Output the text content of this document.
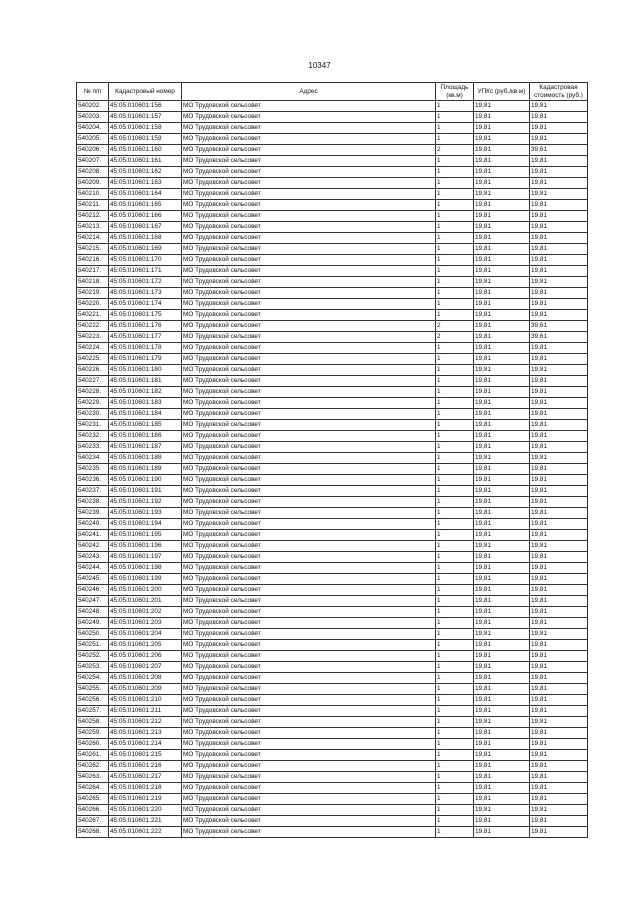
10347
№ п/п	Кадастровый номер	Адрес	Площадь (кв.м)	УПКс (руб./кв.м)	Кадастровая стоимость (руб.)
540202.	45:05:010601:156	МО Трудовской сельсовет	1	19,81	19,81
540203.	45:05:010601:157	МО Трудовской сельсовет	1	19,81	19,81
540204.	45:05:010601:158	МО Трудовской сельсовет	1	19,81	19,81
540205.	45:05:010601:159	МО Трудовской сельсовет	1	19,81	19,81
540206.	45:05:010601:160	МО Трудовской сельсовет	2	19,81	39,61
540207.	45:05:010601:161	МО Трудовской сельсовет	1	19,81	19,81
540208.	45:05:010601:162	МО Трудовской сельсовет	1	19,81	19,81
540209.	45:05:010601:163	МО Трудовской сельсовет	1	19,81	19,81
540210.	45:05:010601:164	МО Трудовской сельсовет	1	19,81	19,81
540211.	45:05:010601:165	МО Трудовской сельсовет	1	19,81	19,81
540212.	45:05:010601:166	МО Трудовской сельсовет	1	19,81	19,81
540213.	45:05:010601:167	МО Трудовской сельсовет	1	19,81	19,81
540214.	45:05:010601:168	МО Трудовской сельсовет	1	19,81	19,81
540215.	45:05:010601:169	МО Трудовской сельсовет	1	19,81	19,81
540216.	45:05:010601:170	МО Трудовской сельсовет	1	19,81	19,81
540217.	45:05:010601:171	МО Трудовской сельсовет	1	19,81	19,81
540218.	45:05:010601:172	МО Трудовской сельсовет	1	19,81	19,81
540219.	45:05:010601:173	МО Трудовской сельсовет	1	19,81	19,81
540220.	45:05:010601:174	МО Трудовской сельсовет	1	19,81	19,81
540221.	45:05:010601:175	МО Трудовской сельсовет	1	19,81	19,81
540222.	45:05:010601:176	МО Трудовской сельсовет	2	19,81	39,61
540223.	45:05:010601:177	МО Трудовской сельсовет	2	19,81	39,61
540224.	45:05:010601:178	МО Трудовской сельсовет	1	19,81	19,81
540225.	45:05:010601:179	МО Трудовской сельсовет	1	19,81	19,81
540226.	45:05:010601:180	МО Трудовской сельсовет	1	19,81	19,81
540227.	45:05:010601:181	МО Трудовской сельсовет	1	19,81	19,81
540228.	45:05:010601:182	МО Трудовской сельсовет	1	19,81	19,81
540229.	45:05:010601:183	МО Трудовской сельсовет	1	19,81	19,81
540230.	45:05:010601:184	МО Трудовской сельсовет	1	19,81	19,81
540231.	45:05:010601:185	МО Трудовской сельсовет	1	19,81	19,81
540232.	45:05:010601:186	МО Трудовской сельсовет	1	19,81	19,81
540233.	45:05:010601:187	МО Трудовской сельсовет	1	19,81	19,81
540234.	45:05:010601:188	МО Трудовской сельсовет	1	19,81	19,81
540235.	45:05:010601:189	МО Трудовской сельсовет	1	19,81	19,81
540236.	45:05:010601:190	МО Трудовской сельсовет	1	19,81	19,81
540237.	45:05:010601:191	МО Трудовской сельсовет	1	19,81	19,81
540238.	45:05:010601:192	МО Трудовской сельсовет	1	19,81	19,81
540239.	45:05:010601:193	МО Трудовской сельсовет	1	19,81	19,81
540240.	45:05:010601:194	МО Трудовской сельсовет	1	19,81	19,81
540241.	45:05:010601:195	МО Трудовской сельсовет	1	19,81	19,81
540242.	45:05:010601:196	МО Трудовской сельсовет	1	19,81	19,81
540243.	45:05:010601:197	МО Трудовской сельсовет	1	19,81	19,81
540244.	45:05:010601:198	МО Трудовской сельсовет	1	19,81	19,81
540245.	45:05:010601:199	МО Трудовской сельсовет	1	19,81	19,81
540246.	45:05:010601:200	МО Трудовской сельсовет	1	19,81	19,81
540247.	45:05:010601:201	МО Трудовской сельсовет	1	19,81	19,81
540248.	45:05:010601:202	МО Трудовской сельсовет	1	19,81	19,81
540249.	45:05:010601:203	МО Трудовской сельсовет	1	19,81	19,81
540250.	45:05:010601:204	МО Трудовской сельсовет	1	19,81	19,81
540251.	45:05:010601:205	МО Трудовской сельсовет	1	19,81	19,81
540252.	45:05:010601:206	МО Трудовской сельсовет	1	19,81	19,81
540253.	45:05:010601:207	МО Трудовской сельсовет	1	19,81	19,81
540254.	45:05:010601:208	МО Трудовской сельсовет	1	19,81	19,81
540255.	45:05:010601:209	МО Трудовской сельсовет	1	19,81	19,81
540256.	45:05:010601:210	МО Трудовской сельсовет	1	19,81	19,81
540257.	45:05:010601:211	МО Трудовской сельсовет	1	19,81	19,81
540258.	45:05:010601:212	МО Трудовской сельсовет	1	19,81	19,81
540259.	45:05:010601:213	МО Трудовской сельсовет	1	19,81	19,81
540260.	45:05:010601:214	МО Трудовской сельсовет	1	19,81	19,81
540261.	45:05:010601:215	МО Трудовской сельсовет	1	19,81	19,81
540262.	45:05:010601:216	МО Трудовской сельсовет	1	19,81	19,81
540263.	45:05:010601:217	МО Трудовской сельсовет	1	19,81	19,81
540264.	45:05:010601:218	МО Трудовской сельсовет	1	19,81	19,81
540265.	45:05:010601:219	МО Трудовской сельсовет	1	19,81	19,81
540266.	45:05:010601:220	МО Трудовской сельсовет	1	19,81	19,81
540267.	45:05:010601:221	МО Трудовской сельсовет	1	19,81	19,81
540268.	45:05:010601:222	МО Трудовской сельсовет	1	19,81	19,81
